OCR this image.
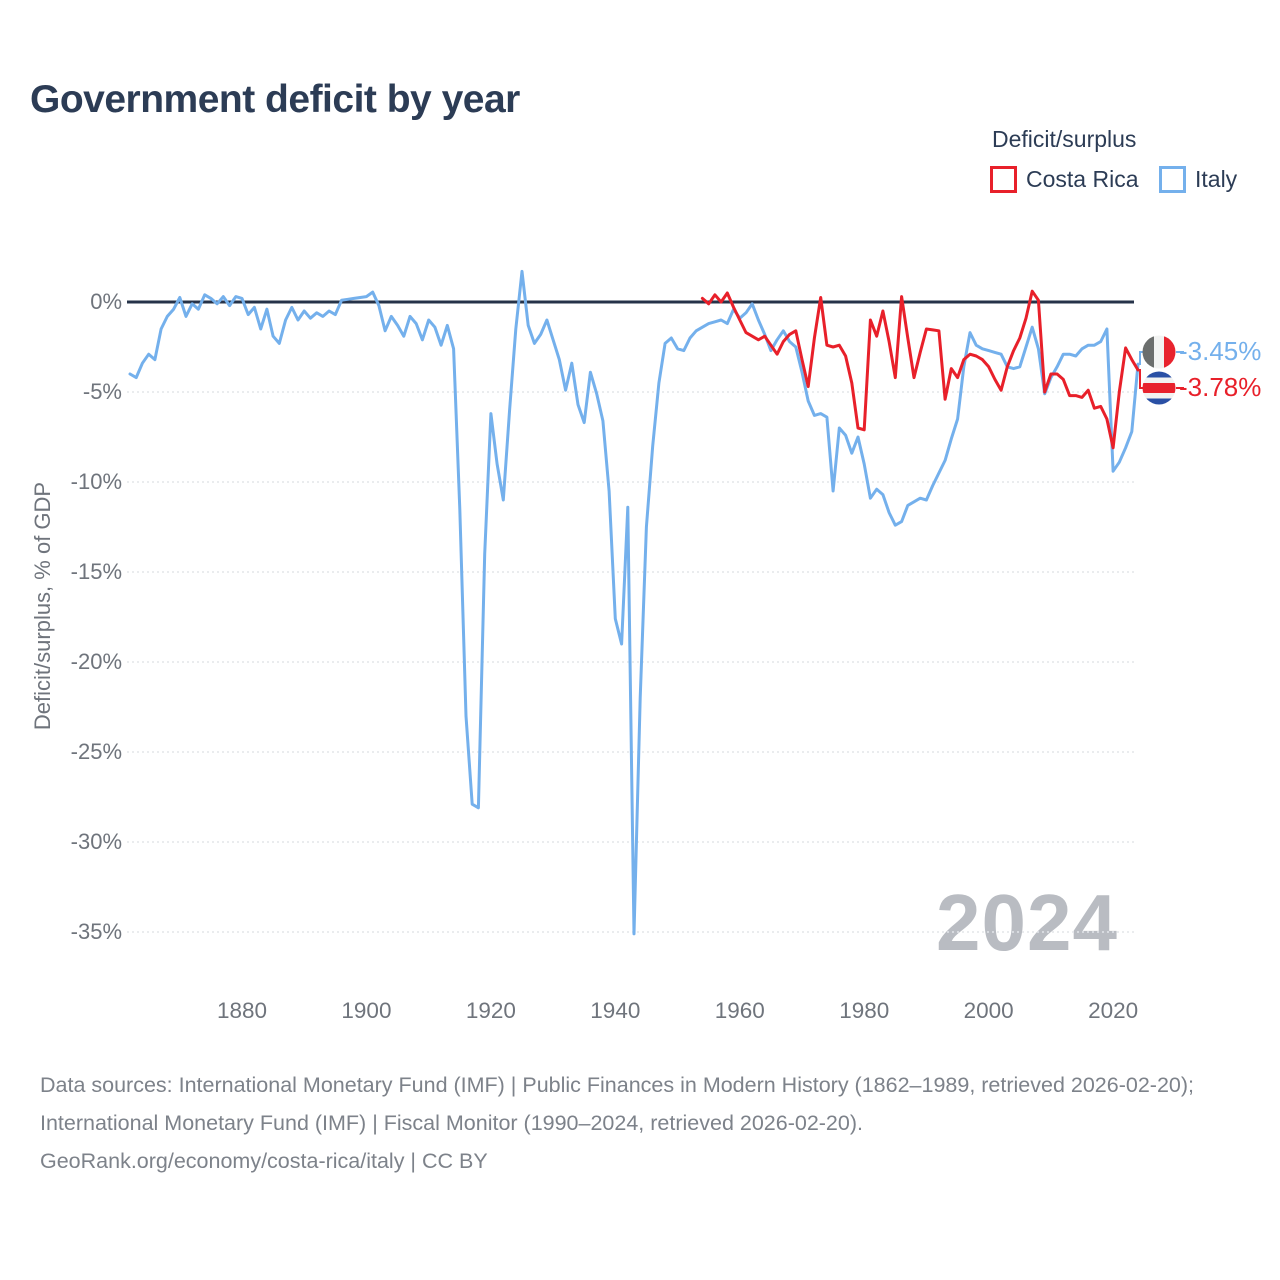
Government deficit by year
Deficit/surplus
Costa Rica Italy
2024
0%
-5%
-10%
-15%
-20%
-25%
-30%
-35%
1880	1900	1920	1940	1960	1980	2000	2020
Deficit/surplus, % of GDP
-3.45%
-3.78%

Data sources: International Monetary Fund (IMF) | Public Finances in Modern History (1862–1989, retrieved 2026-02-20); International Monetary Fund (IMF) | Fiscal Monitor (1990–2024, retrieved 2026-02-20).

GeoRank.org/economy/costa-rica/italy | CC BY
